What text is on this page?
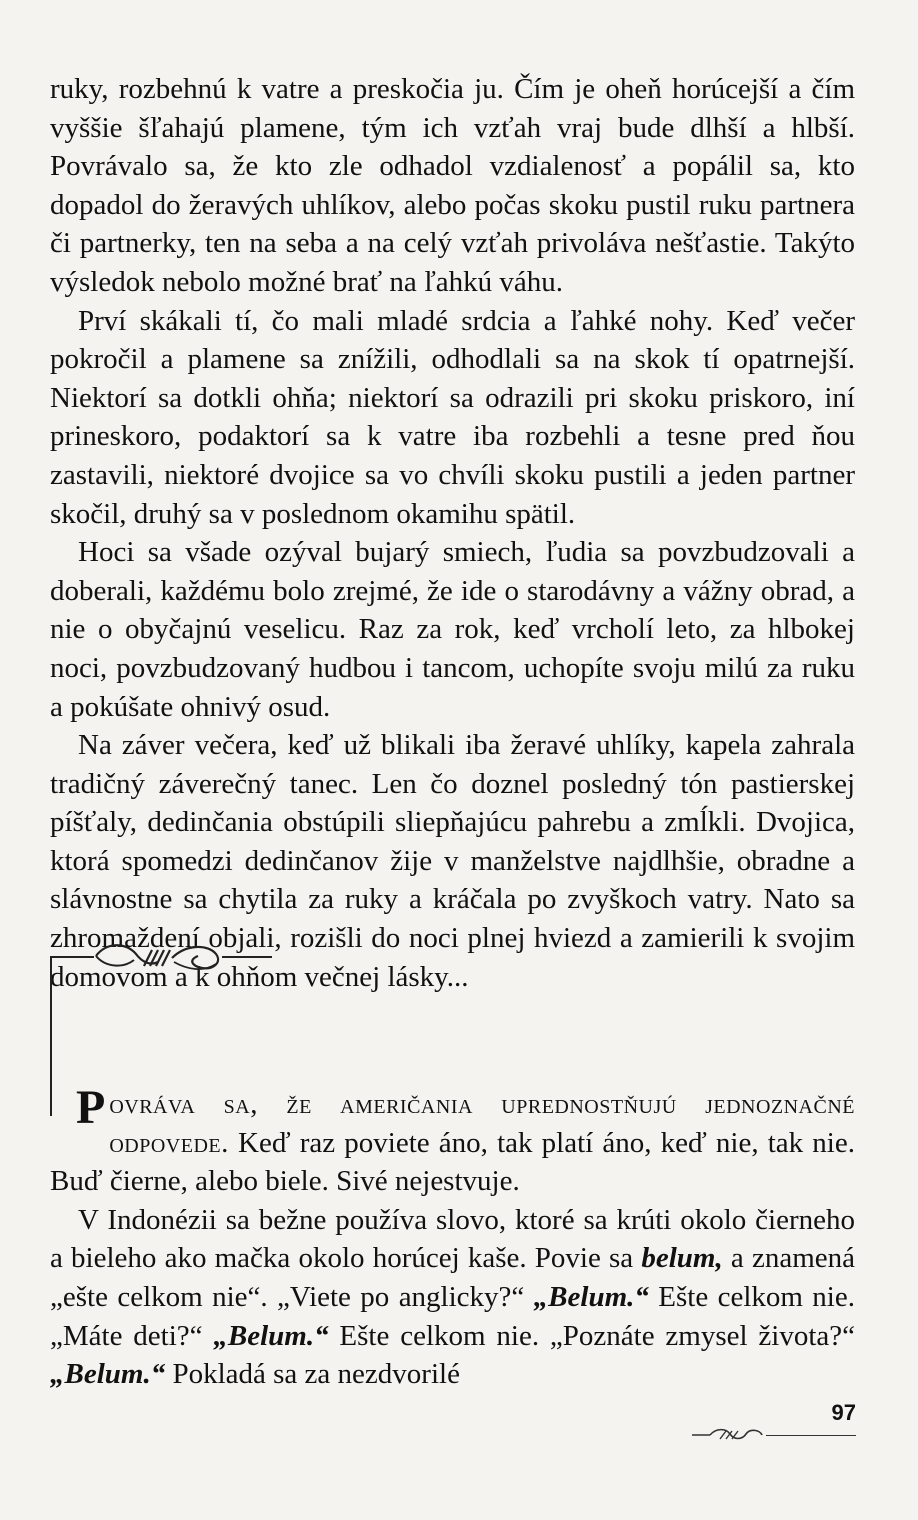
ruky, rozbehnú k vatre a preskočia ju. Čím je oheň horúcejší a čím vyššie šľahajú plamene, tým ich vzťah vraj bude dlhší a hlbší. Povrávalo sa, že kto zle odhadol vzdialenosť a popálil sa, kto dopadol do žeravých uhlíkov, alebo počas skoku pustil ruku partnera či partnerky, ten na seba a na celý vzťah privoláva nešťastie. Takýto výsledok nebolo možné brať na ľahkú váhu.

Prví skákali tí, čo mali mladé srdcia a ľahké nohy. Keď večer pokročil a plamene sa znížili, odhodlali sa na skok tí opatrnejší. Niektorí sa dotkli ohňa; niektorí sa odrazili pri skoku priskoro, iní prineskoro, podaktorí sa k vatre iba rozbehli a tesne pred ňou zastavili, niektoré dvojice sa vo chvíli skoku pustili a jeden partner skočil, druhý sa v poslednom okamihu spätil.

Hoci sa všade ozýval bujarý smiech, ľudia sa povzbudzovali a doberali, každému bolo zrejmé, že ide o starodávny a vážny obrad, a nie o obyčajnú veselicu. Raz za rok, keď vrcholí leto, za hlbokej noci, povzbudzovaný hudbou i tancom, uchopíte svoju milú za ruku a pokúšate ohnivý osud.

Na záver večera, keď už blikali iba žeravé uhlíky, kapela zahrala tradičný záverečný tanec. Len čo doznel posledný tón pastierskej píšťaly, dedinčania obstúpili sliepňajúcu pahrebu a zmĺkli. Dvojica, ktorá spomedzi dedinčanov žije v manželstve najdlhšie, obradne a slávnostne sa chytila za ruky a kráčala po zvyškoch vatry. Nato sa zhromaždení objali, rozišli do noci plnej hviezd a zamierili k svojim domovom a k ohňom večnej lásky...

Povráva sa, že američania uprednostňujú jednoznačné odpovede. Keď raz poviete áno, tak platí áno, keď nie, tak nie. Buď čierne, alebo biele. Sivé nejestvuje.

V Indonézii sa bežne používa slovo, ktoré sa krúti okolo čierneho a bieleho ako mačka okolo horúcej kaše. Povie sa belum, a znamená „ešte celkom nie“. „Viete po anglicky?“ „Belum.“ Ešte celkom nie. „Máte deti?“ „Belum.“ Ešte celkom nie. „Poznáte zmysel života?“ „Belum.“ Pokladá sa za nezdvorilé

97
